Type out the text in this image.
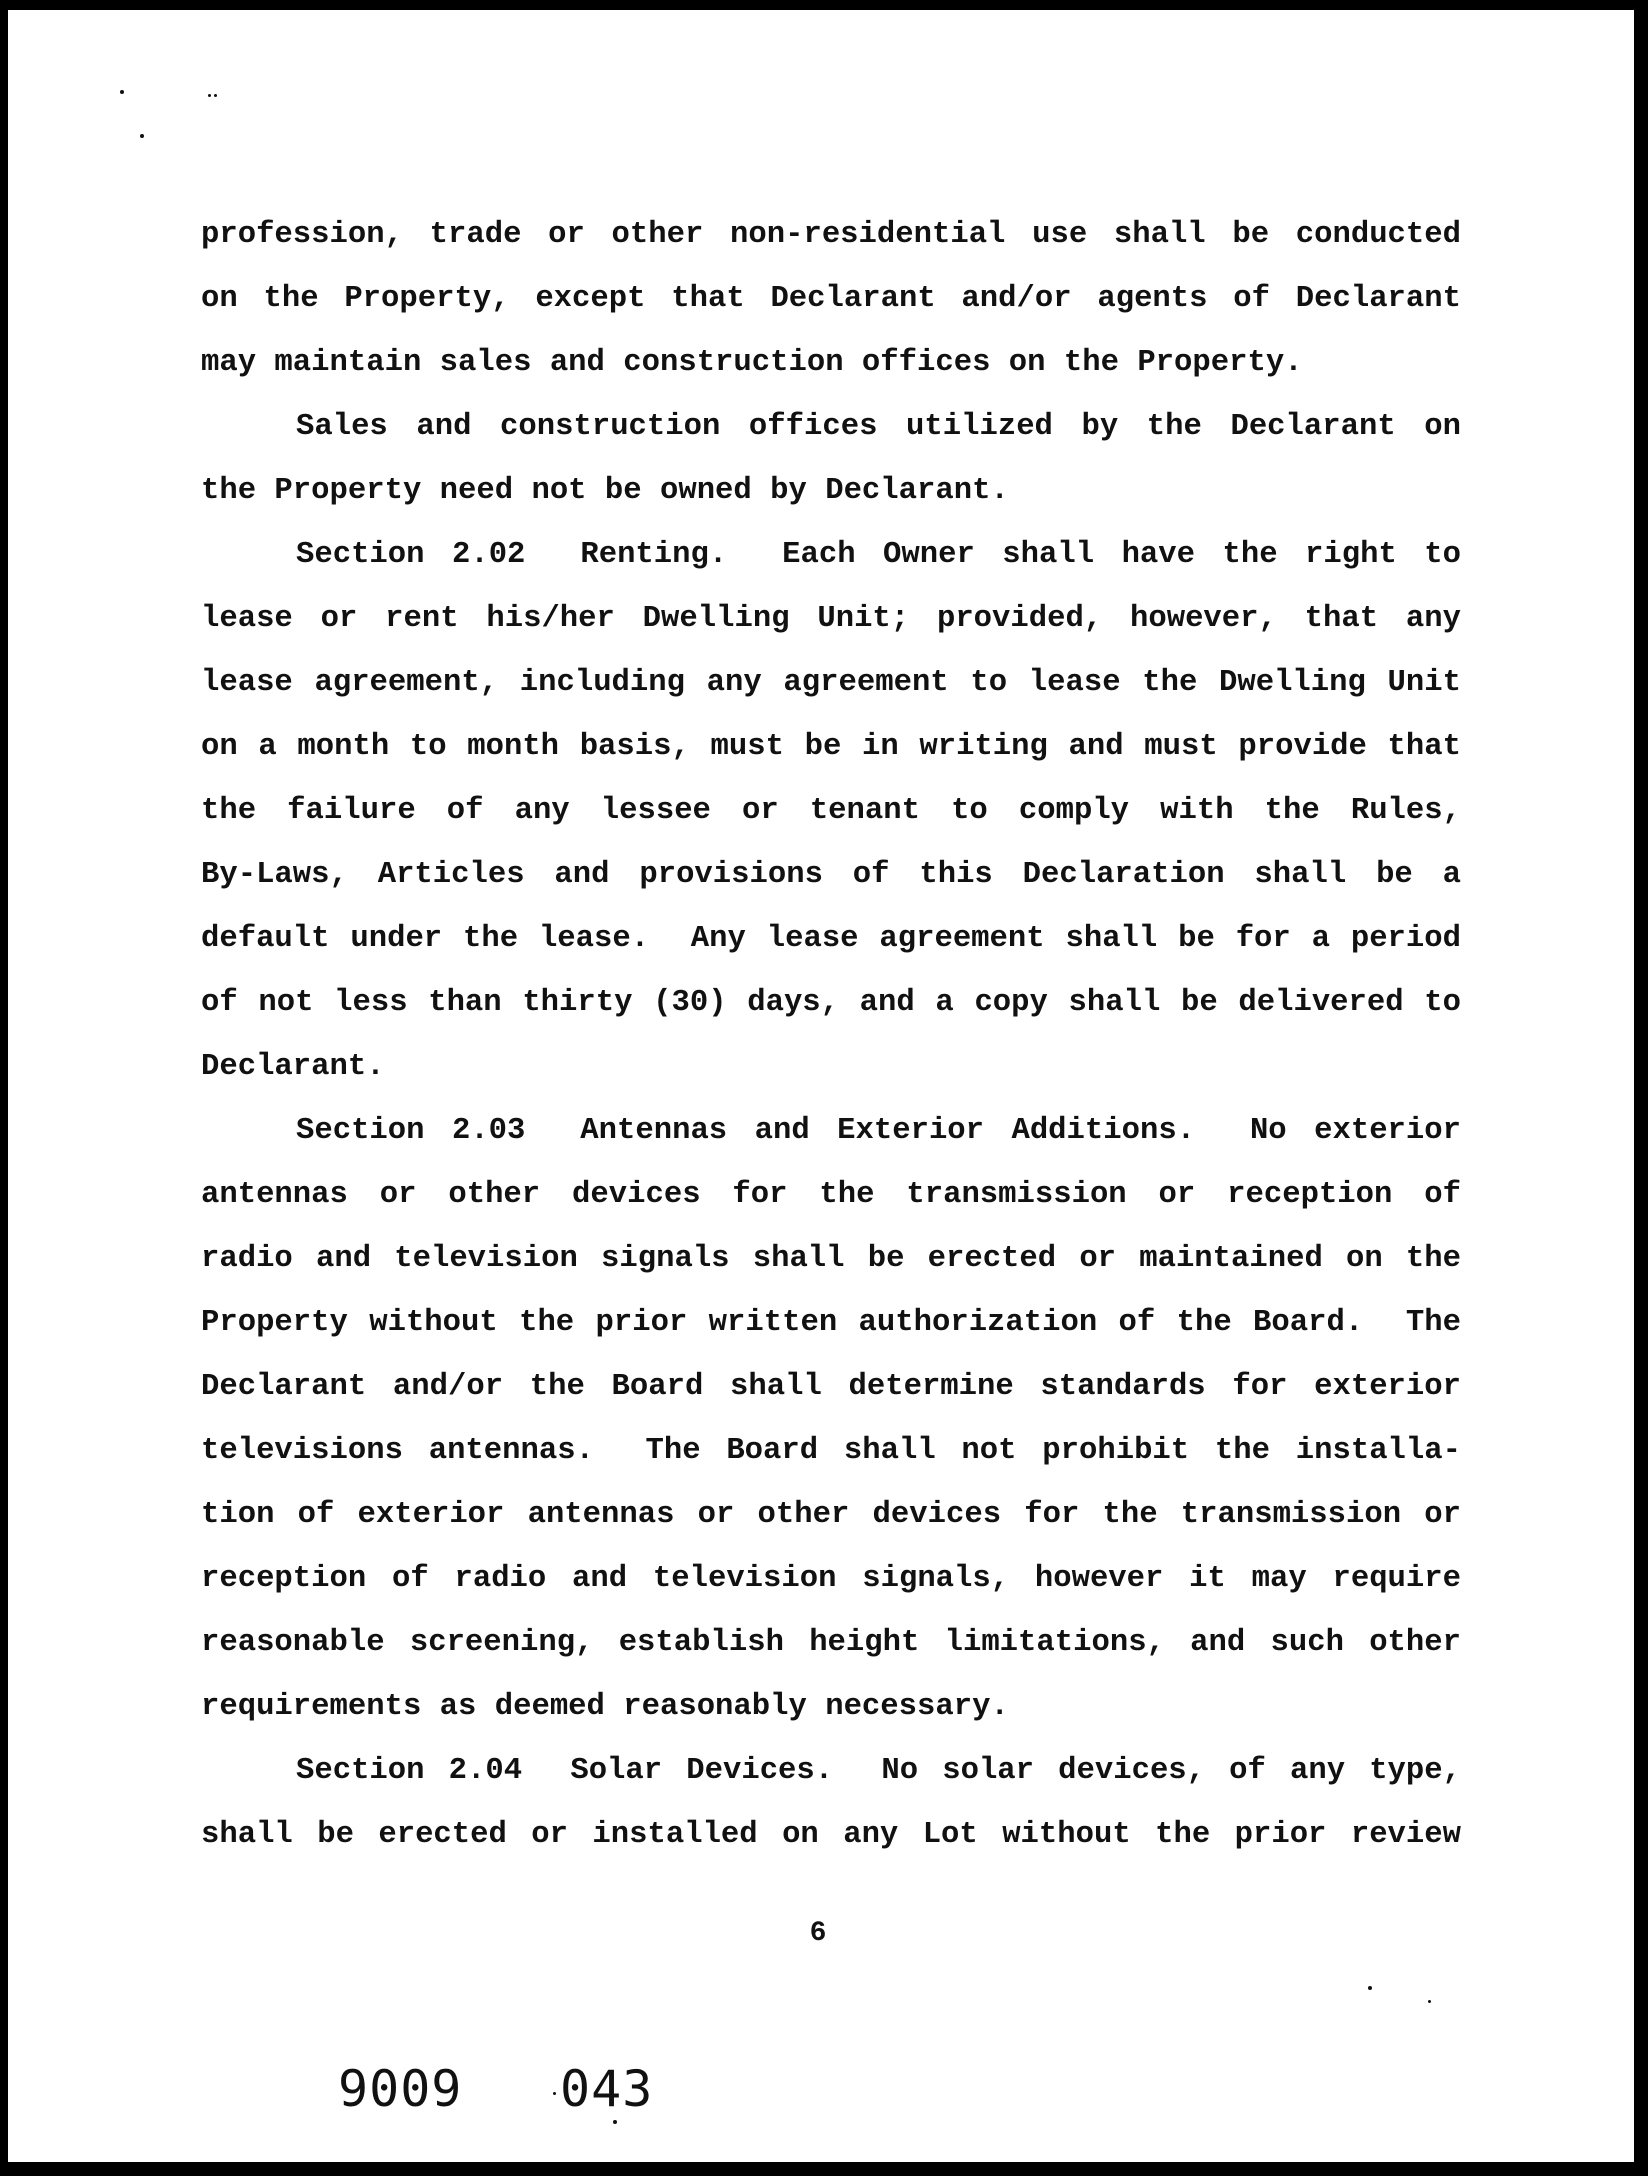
profession, trade or other non-residential use shall be conducted

on the Property, except that Declarant and/or agents of Declarant

may maintain sales and construction offices on the Property.

Sales and construction offices utilized by the Declarant on

the Property need not be owned by Declarant.

Section 2.02  Renting.  Each Owner shall have the right to

lease or rent his/her Dwelling Unit; provided, however, that any

lease agreement, including any agreement to lease the Dwelling Unit

on a month to month basis, must be in writing and must provide that

the failure of any lessee or tenant to comply with the Rules,

By-Laws, Articles and provisions of this Declaration shall be a

default under the lease.  Any lease agreement shall be for a period

of not less than thirty (30) days, and a copy shall be delivered to

Declarant.

Section 2.03  Antennas and Exterior Additions.  No exterior

antennas or other devices for the transmission or reception of

radio and television signals shall be erected or maintained on the

Property without the prior written authorization of the Board.  The

Declarant and/or the Board shall determine standards for exterior

televisions antennas.  The Board shall not prohibit the installa-

tion of exterior antennas or other devices for the transmission or

reception of radio and television signals, however it may require

reasonable screening, establish height limitations, and such other

requirements as deemed reasonably necessary.

Section 2.04  Solar Devices.  No solar devices, of any type,

shall be erected or installed on any Lot without the prior review

6
9009 043
